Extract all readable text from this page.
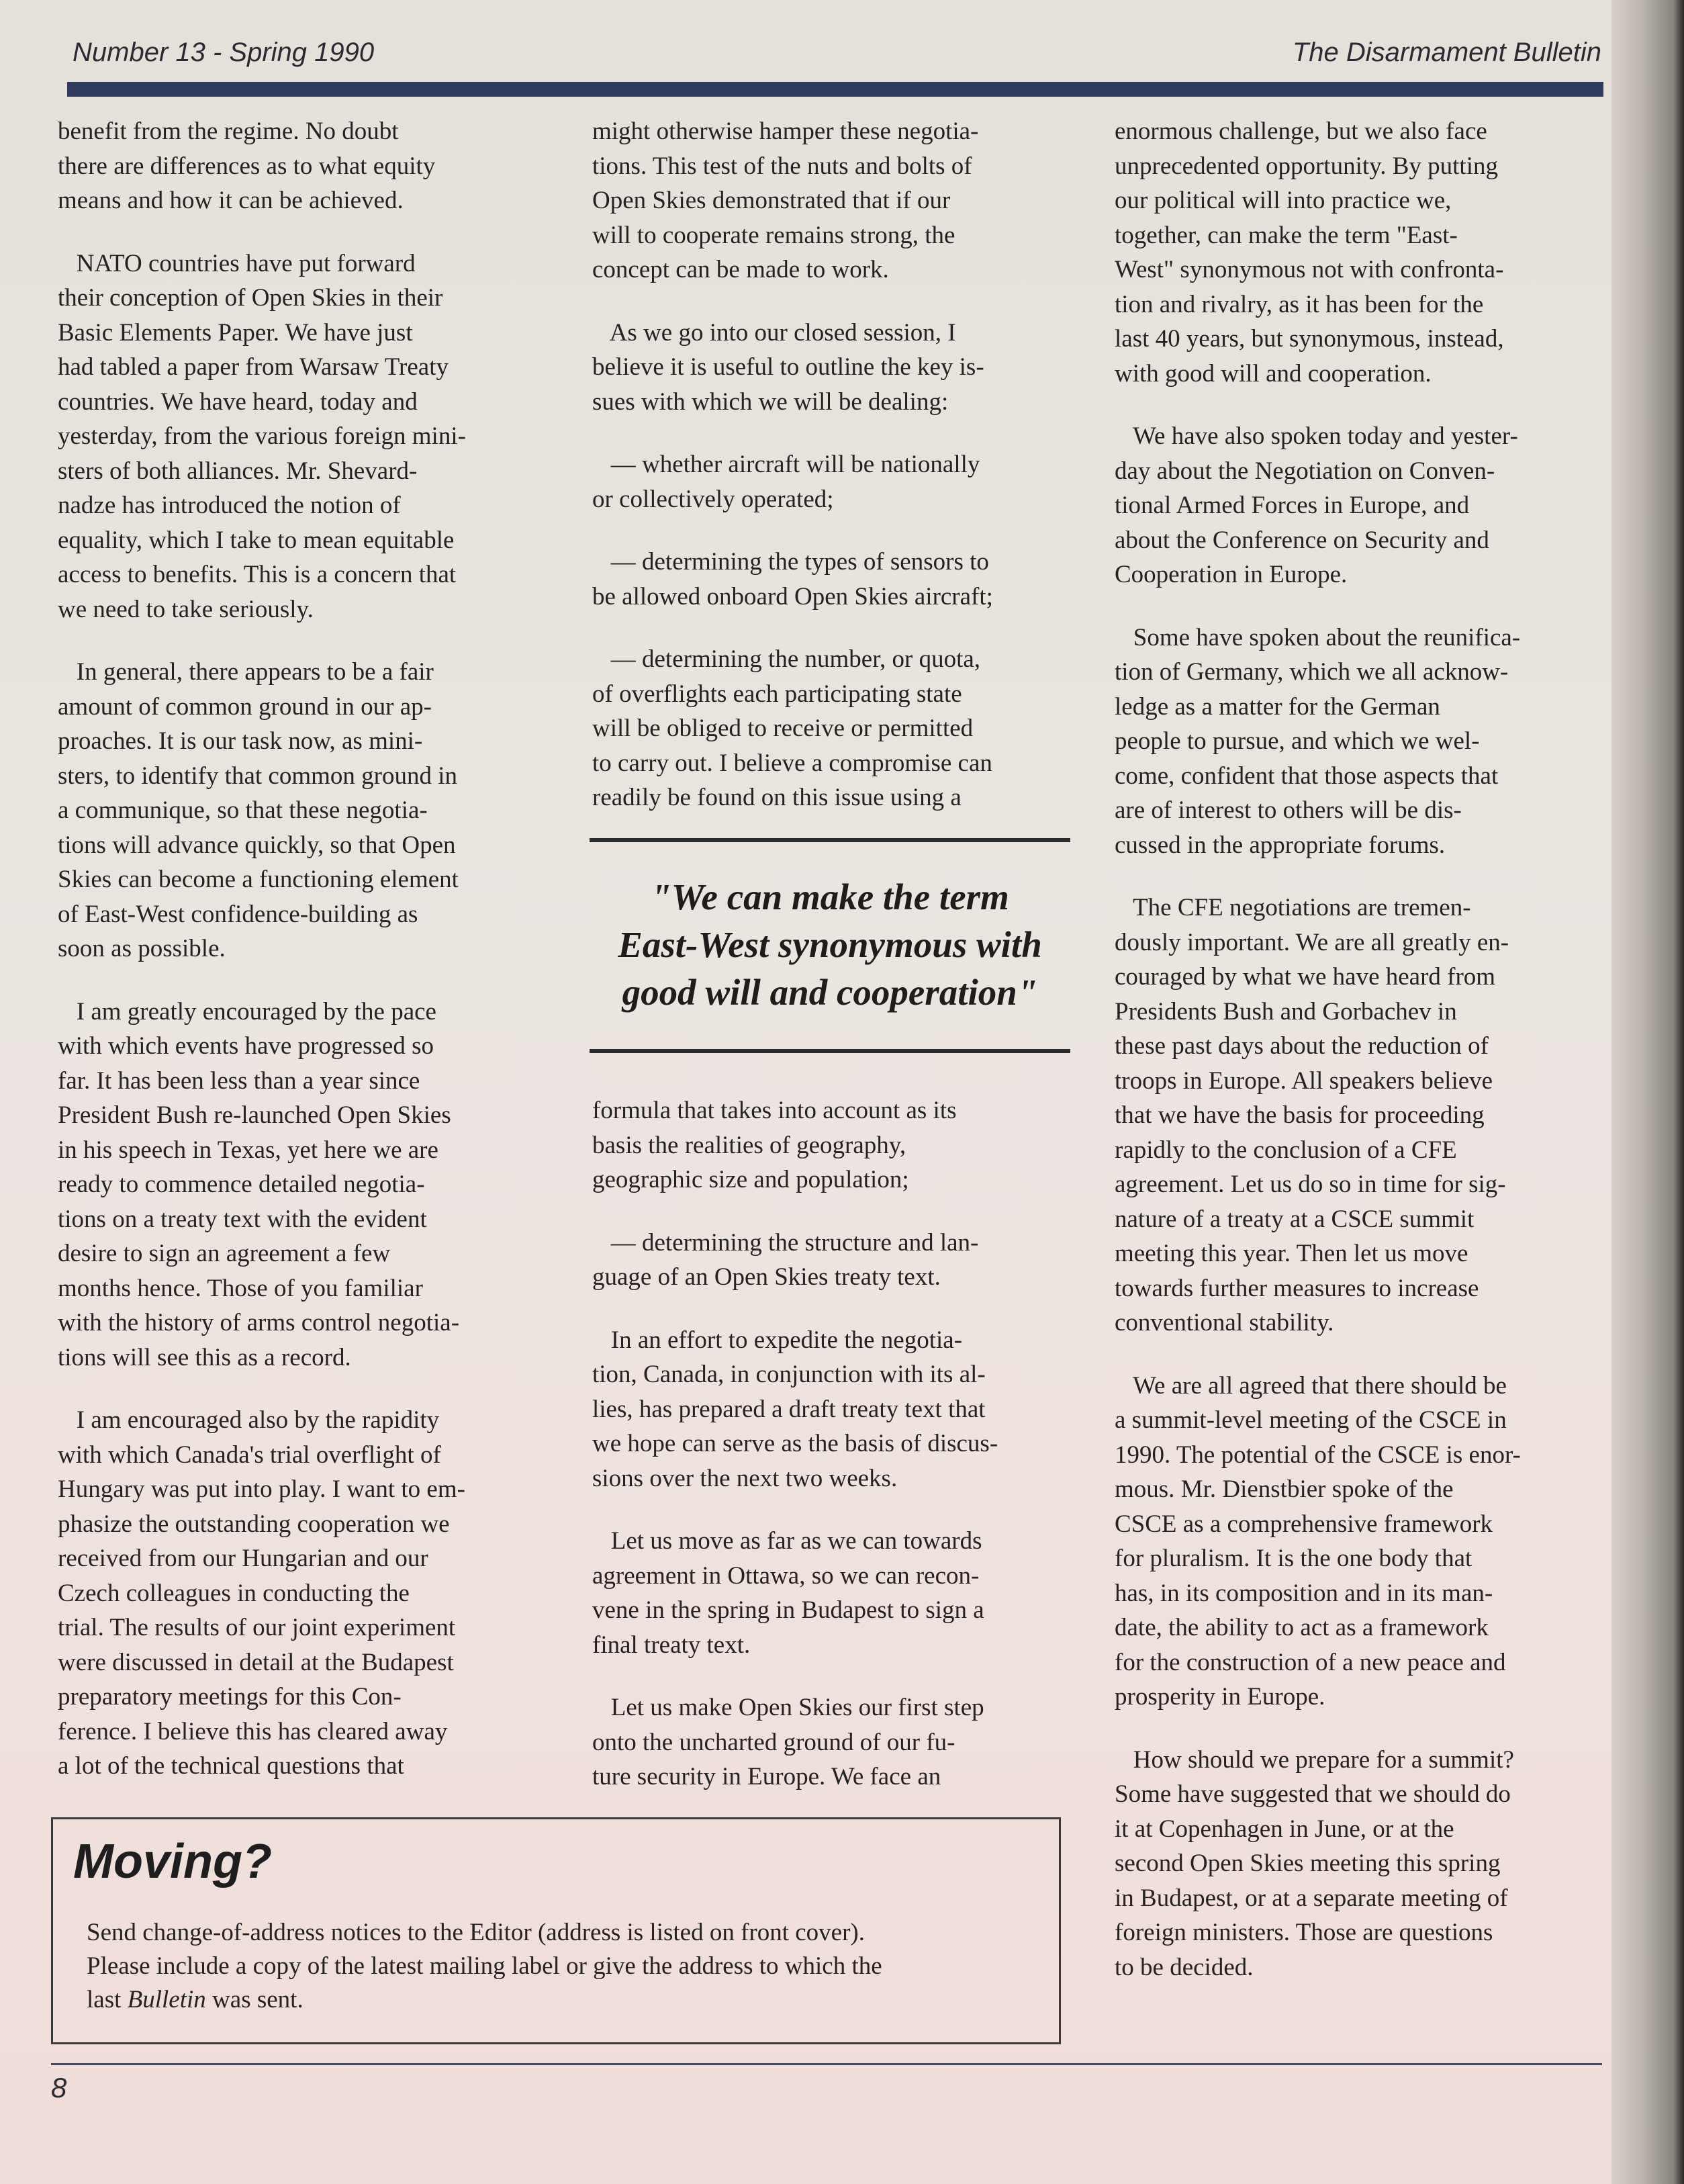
Number 13 - Spring 1990	The Disarmament Bulletin

benefit from the regime. No doubt
there are differences as to what equity
means and how it can be achieved.

NATO countries have put forward
their conception of Open Skies in their
Basic Elements Paper. We have just
had tabled a paper from Warsaw Treaty
countries. We have heard, today and
yesterday, from the various foreign mini-
sters of both alliances. Mr. Shevard-
nadze has introduced the notion of
equality, which I take to mean equitable
access to benefits. This is a concern that
we need to take seriously.

In general, there appears to be a fair
amount of common ground in our ap-
proaches. It is our task now, as mini-
sters, to identify that common ground in
a communique, so that these negotia-
tions will advance quickly, so that Open
Skies can become a functioning element
of East-West confidence-building as
soon as possible.

I am greatly encouraged by the pace
with which events have progressed so
far. It has been less than a year since
President Bush re-launched Open Skies
in his speech in Texas, yet here we are
ready to commence detailed negotia-
tions on a treaty text with the evident
desire to sign an agreement a few
months hence. Those of you familiar
with the history of arms control negotia-
tions will see this as a record.

I am encouraged also by the rapidity
with which Canada's trial overflight of
Hungary was put into play. I want to em-
phasize the outstanding cooperation we
received from our Hungarian and our
Czech colleagues in conducting the
trial. The results of our joint experiment
were discussed in detail at the Budapest
preparatory meetings for this Con-
ference. I believe this has cleared away
a lot of the technical questions that

might otherwise hamper these negotia-
tions. This test of the nuts and bolts of
Open Skies demonstrated that if our
will to cooperate remains strong, the
concept can be made to work.

As we go into our closed session, I
believe it is useful to outline the key is-
sues with which we will be dealing:

— whether aircraft will be nationally
or collectively operated;

— determining the types of sensors to
be allowed onboard Open Skies aircraft;

— determining the number, or quota,
of overflights each participating state
will be obliged to receive or permitted
to carry out. I believe a compromise can
readily be found on this issue using a

"We can make the term
East-West synonymous with
good will and cooperation"

formula that takes into account as its
basis the realities of geography,
geographic size and population;

— determining the structure and lan-
guage of an Open Skies treaty text.

In an effort to expedite the negotia-
tion, Canada, in conjunction with its al-
lies, has prepared a draft treaty text that
we hope can serve as the basis of discus-
sions over the next two weeks.

Let us move as far as we can towards
agreement in Ottawa, so we can recon-
vene in the spring in Budapest to sign a
final treaty text.

Let us make Open Skies our first step
onto the uncharted ground of our fu-
ture security in Europe. We face an

enormous challenge, but we also face
unprecedented opportunity. By putting
our political will into practice we,
together, can make the term "East-
West" synonymous not with confronta-
tion and rivalry, as it has been for the
last 40 years, but synonymous, instead,
with good will and cooperation.

We have also spoken today and yester-
day about the Negotiation on Conven-
tional Armed Forces in Europe, and
about the Conference on Security and
Cooperation in Europe.

Some have spoken about the reunifica-
tion of Germany, which we all acknow-
ledge as a matter for the German
people to pursue, and which we wel-
come, confident that those aspects that
are of interest to others will be dis-
cussed in the appropriate forums.

The CFE negotiations are tremen-
dously important. We are all greatly en-
couraged by what we have heard from
Presidents Bush and Gorbachev in
these past days about the reduction of
troops in Europe. All speakers believe
that we have the basis for proceeding
rapidly to the conclusion of a CFE
agreement. Let us do so in time for sig-
nature of a treaty at a CSCE summit
meeting this year. Then let us move
towards further measures to increase
conventional stability.

We are all agreed that there should be
a summit-level meeting of the CSCE in
1990. The potential of the CSCE is enor-
mous. Mr. Dienstbier spoke of the
CSCE as a comprehensive framework
for pluralism. It is the one body that
has, in its composition and in its man-
date, the ability to act as a framework
for the construction of a new peace and
prosperity in Europe.

How should we prepare for a summit?
Some have suggested that we should do
it at Copenhagen in June, or at the
second Open Skies meeting this spring
in Budapest, or at a separate meeting of
foreign ministers. Those are questions
to be decided.

Moving?
Send change-of-address notices to the Editor (address is listed on front cover).
Please include a copy of the latest mailing label or give the address to which the
last Bulletin was sent.
8
